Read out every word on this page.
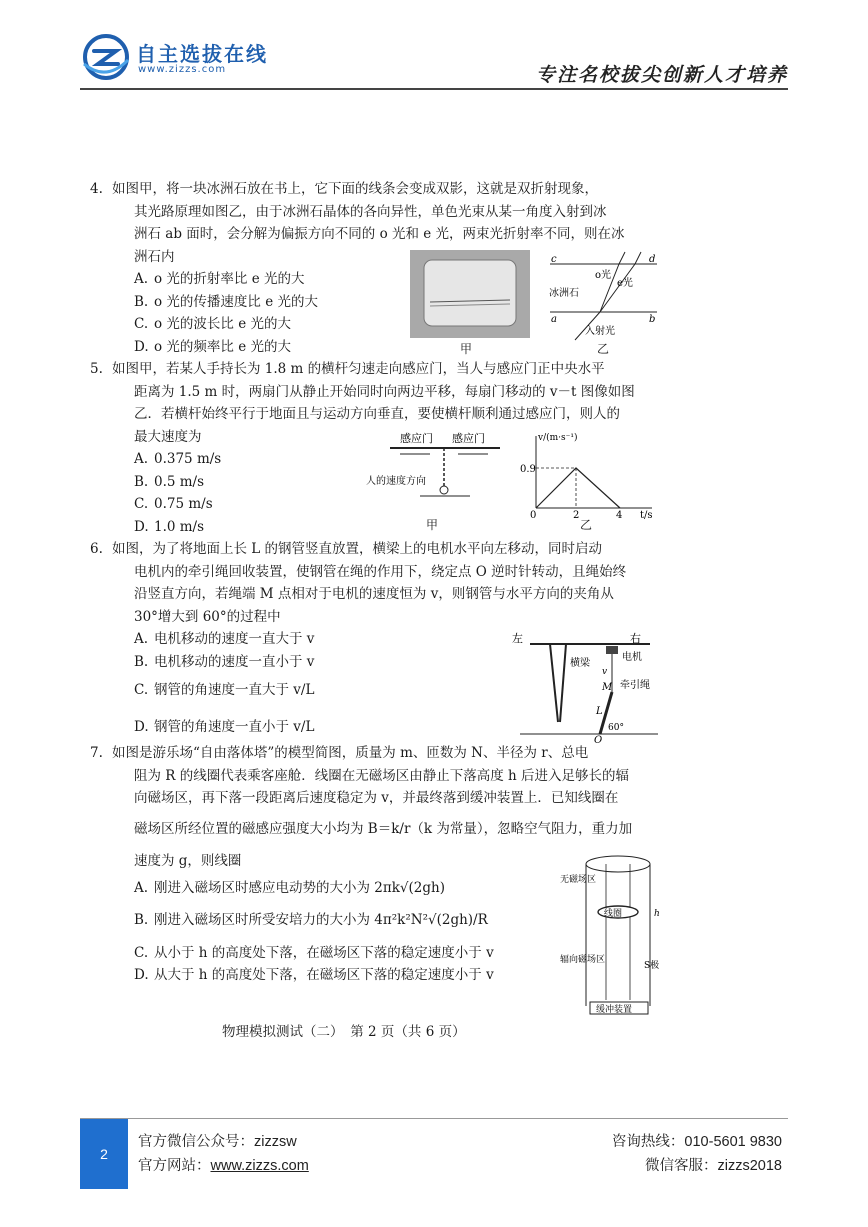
自主选拔在线
www.zizzs.com	专注名校拔尖创新人才培养
4. 如图甲，将一块冰洲石放在书上，它下面的线条会变成双影，这就是双折射现象，
其光路原理如图乙，由于冰洲石晶体的各向异性，单色光束从某一角度入射到冰
洲石 ab 面时，会分解为偏振方向不同的 o 光和 e 光，两束光折射率不同，则在冰
洲石内
A. o 光的折射率比 e 光的大
B. o 光的传播速度比 e 光的大
C. o 光的波长比 e 光的大
D. o 光的频率比 e 光的大
5. 如图甲，若某人手持长为 1.8 m 的横杆匀速走向感应门，当人与感应门正中央水平
距离为 1.5 m 时，两扇门从静止开始同时向两边平移，每扇门移动的 v－t 图像如图
乙．若横杆始终平行于地面且与运动方向垂直，要使横杆顺利通过感应门，则人的
最大速度为
A. 0.375 m/s
B. 0.5 m/s
C. 0.75 m/s
D. 1.0 m/s
6. 如图，为了将地面上长 L 的钢管竖直放置，横梁上的电机水平向左移动，同时启动
电机内的牵引绳回收装置，使钢管在绳的作用下，绕定点 O 逆时针转动，且绳始终
沿竖直方向，若绳端 M 点相对于电机的速度恒为 v，则钢管与水平方向的夹角从
30°增大到 60°的过程中
A. 电机移动的速度一直大于 v
B. 电机移动的速度一直小于 v
C. 钢管的角速度一直大于 v/L
D. 钢管的角速度一直小于 v/L
7. 如图是游乐场“自由落体塔”的模型简图，质量为 m、匝数为 N、半径为 r、总电
阻为 R 的线圈代表乘客座舱．线圈在无磁场区由静止下落高度 h 后进入足够长的辐
向磁场区，再下落一段距离后速度稳定为 v，并最终落到缓冲装置上．已知线圈在
磁场区所经位置的磁感应强度大小均为 B＝k/r（k 为常量），忽略空气阻力，重力加
速度为 g，则线圈
A. 刚进入磁场区时感应电动势的大小为 2πk√(2gh)
B. 刚进入磁场区时所受安培力的大小为 4π²k²N²√(2gh)/R
C. 从小于 h 的高度处下落，在磁场区下落的稳定速度小于 v
D. 从大于 h 的高度处下落，在磁场区下落的稳定速度小于 v
甲
c	d
a	b
o光
e光
冰洲石
入射光
乙
感应门 感应门
人的速度方向
甲
v/(m·s⁻¹)
0.9
0	2	4 t/s
乙
左	右
横梁
电机
牵引绳
v
M
L
60°
O
线圈
无磁场区
h
辐向磁场区
S极
缓冲装置
物理模拟测试（二）　第 2 页（共 6 页）
2
官方微信公众号：zizzsw
官方网站：www.zizzs.com
咨询热线：010-5601 9830
微信客服：zizzs2018
